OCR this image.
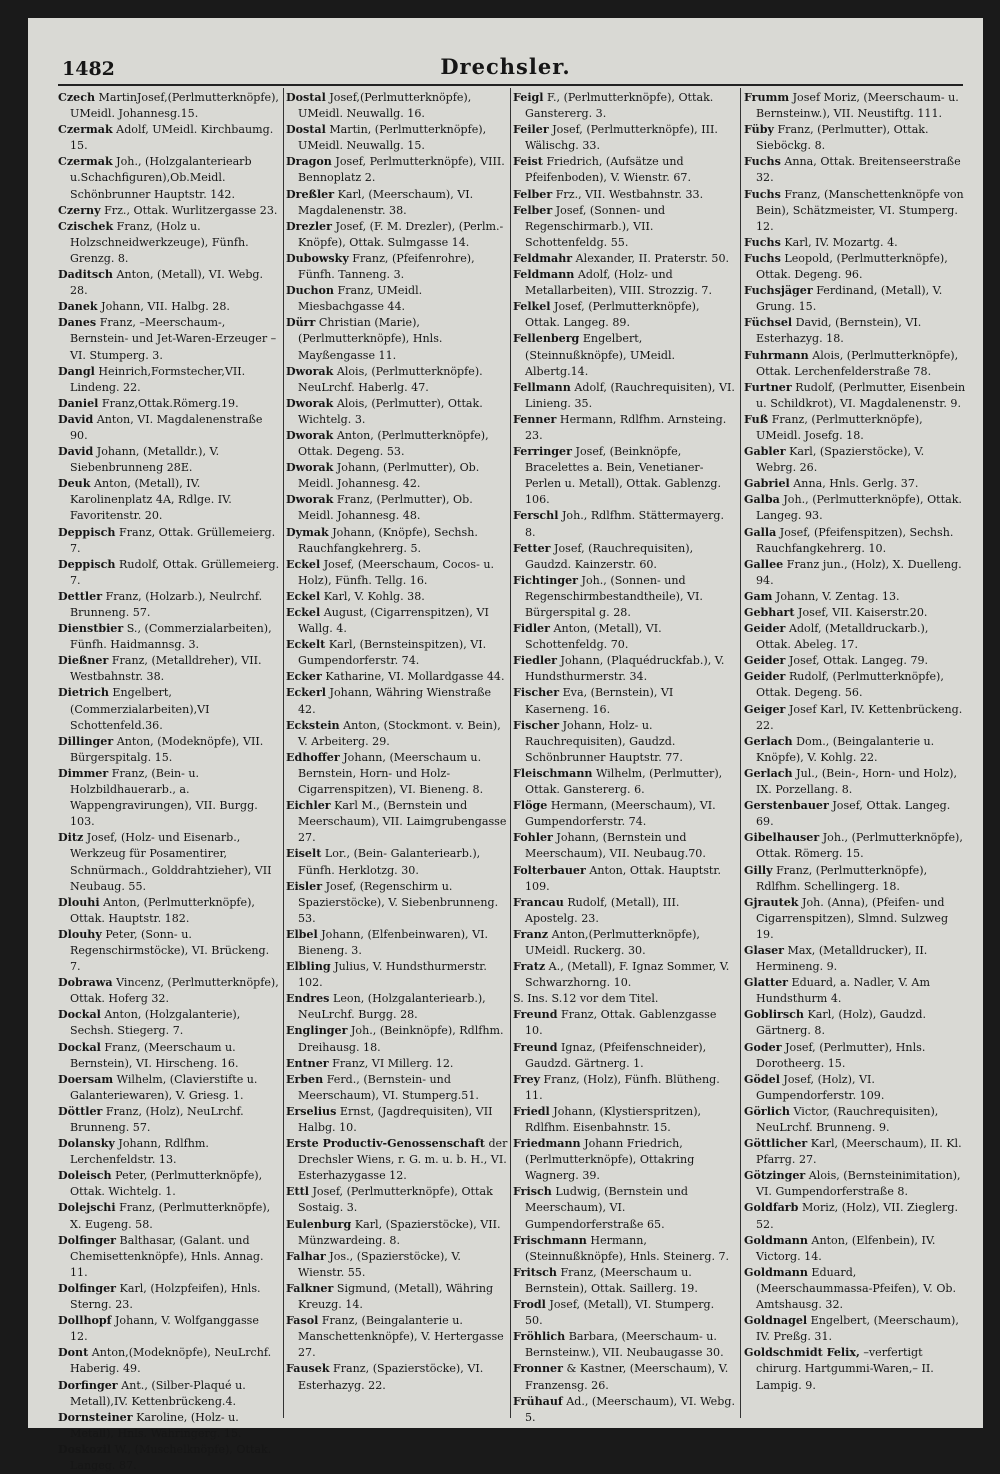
1482	Drechsler.

Czech MartinJosef,(Perlmutterknöpfe), UMeidl. Johannesg.15.

Czermak Adolf, UMeidl. Kirchbaumg. 15.

Czermak Joh., (Holzgalanteriearb u.Schachfiguren),Ob.Meidl. Schönbrunner Hauptstr. 142.

Czerny Frz., Ottak. Wurlitzergasse 23.

Czischek Franz, (Holz u. Holzschneidwerkzeuge), Fünfh. Grenzg. 8.

Daditsch Anton, (Metall), VI. Webg. 28.

Danek Johann, VII. Halbg. 28.

Danes Franz, –Meerschaum-, Bernstein- und Jet-Waren-Erzeuger – VI. Stumperg. 3.

Dangl Heinrich,Formstecher,VII. Lindeng. 22.

Daniel Franz,Ottak.Römerg.19.

David Anton, VI. Magdalenenstraße 90.

David Johann, (Metalldr.), V. Siebenbrunneng 28E.

Deuk Anton, (Metall), IV. Karolinenplatz 4A, Rdlge. IV. Favoritenstr. 20.

Deppisch Franz, Ottak. Grüllemeierg. 7.

Deppisch Rudolf, Ottak. Grüllemeierg. 7.

Dettler Franz, (Holzarb.), Neulrchf. Brunneng. 57.

Dienstbier S., (Commerzialarbeiten), Fünfh. Haidmannsg. 3.

Dießner Franz, (Metalldreher), VII. Westbahnstr. 38.

Dietrich Engelbert,(Commerzialarbeiten),VI Schottenfeld.36.

Dillinger Anton, (Modeknöpfe), VII. Bürgerspitalg. 15.

Dimmer Franz, (Bein- u. Holzbildhauerarb., a. Wappengravirungen), VII. Burgg. 103.

Ditz Josef, (Holz- und Eisenarb., Werkzeug für Posamentirer, Schnürmach., Golddrahtzieher), VII Neubaug. 55.

Dlouhi Anton, (Perlmutterknöpfe), Ottak. Hauptstr. 182.

Dlouhy Peter, (Sonn- u. Regenschirmstöcke), VI. Brückeng. 7.

Dobrawa Vincenz, (Perlmutterknöpfe), Ottak. Hoferg 32.

Dockal Anton, (Holzgalanterie), Sechsh. Stiegerg. 7.

Dockal Franz, (Meerschaum u. Bernstein), VI. Hirscheng. 16.

Doersam Wilhelm, (Clavierstifte u. Galanteriewaren), V. Griesg. 1.

Döttler Franz, (Holz), NeuLrchf. Brunneng. 57.

Dolansky Johann, Rdlfhm. Lerchenfeldstr. 13.

Doleisch Peter, (Perlmutterknöpfe), Ottak. Wichtelg. 1.

Dolejschi Franz, (Perlmutterknöpfe), X. Eugeng. 58.

Dolfinger Balthasar, (Galant. und Chemisettenknöpfe), Hnls. Annag. 11.

Dolfinger Karl, (Holzpfeifen), Hnls. Sterng. 23.

Dollhopf Johann, V. Wolfganggasse 12.

Dont Anton,(Modeknöpfe), NeuLrchf. Haberig. 49.

Dorfinger Ant., (Silber-Plaqué u. Metall),IV. Kettenbrückeng.4.

Dornsteiner Karoline, (Holz- u. Metall), Hnls. Währingerg. 15.

Doskozil W., (Muschelknöpfe), Ottak. Langeg. 87.

Dostal Josef,(Perlmutterknöpfe), UMeidl. Neuwallg. 16.

Dostal Martin, (Perlmutterknöpfe), UMeidl. Neuwallg. 15.

Dragon Josef, Perlmutterknöpfe), VIII. Bennoplatz 2.

Dreßler Karl, (Meerschaum), VI. Magdalenenstr. 38.

Drezler Josef, (F. M. Drezler), (Perlm.-Knöpfe), Ottak. Sulmgasse 14.

Dubowsky Franz, (Pfeifenrohre), Fünfh. Tanneng. 3.

Duchon Franz, UMeidl. Miesbachgasse 44.

Dürr Christian (Marie), (Perlmutterknöpfe), Hnls. Mayßengasse 11.

Dworak Alois, (Perlmutterknöpfe). NeuLrchf. Haberlg. 47.

Dworak Alois, (Perlmutter), Ottak. Wichtelg. 3.

Dworak Anton, (Perlmutterknöpfe), Ottak. Degeng. 53.

Dworak Johann, (Perlmutter), Ob. Meidl. Johannesg. 42.

Dworak Franz, (Perlmutter), Ob. Meidl. Johannesg. 48.

Dymak Johann, (Knöpfe), Sechsh. Rauchfangkehrerg. 5.

Eckel Josef, (Meerschaum, Cocos- u. Holz), Fünfh. Tellg. 16.

Eckel Karl, V. Kohlg. 38.

Eckel August, (Cigarrenspitzen), VI Wallg. 4.

Eckelt Karl, (Bernsteinspitzen), VI. Gumpendorferstr. 74.

Ecker Katharine, VI. Mollardgasse 44.

Eckerl Johann, Währing Wienstraße 42.

Eckstein Anton, (Stockmont. v. Bein), V. Arbeiterg. 29.

Edhoffer Johann, (Meerschaum u. Bernstein, Horn- und Holz-Cigarrenspitzen), VI. Bieneng. 8.

Eichler Karl M., (Bernstein und Meerschaum), VII. Laimgrubengasse 27.

Eiselt Lor., (Bein- Galanteriearb.), Fünfh. Herklotzg. 30.

Eisler Josef, (Regenschirm u. Spazierstöcke), V. Siebenbrunneng. 53.

Elbel Johann, (Elfenbeinwaren), VI. Bieneng. 3.

Elbling Julius, V. Hundsthurmerstr. 102.

Endres Leon, (Holzgalanteriearb.), NeuLrchf. Burgg. 28.

Englinger Joh., (Beinknöpfe), Rdlfhm. Dreihausg. 18.

Entner Franz, VI Millerg. 12.

Erben Ferd., (Bernstein- und Meerschaum), VI. Stumperg.51.

Erselius Ernst, (Jagdrequisiten), VII Halbg. 10.

Erste Productiv-Genossenschaft der Drechsler Wiens, r. G. m. u. b. H., VI. Esterhazygasse 12.

Ettl Josef, (Perlmutterknöpfe), Ottak Sostaig. 3.

Eulenburg Karl, (Spazierstöcke), VII. Münzwardeing. 8.

Falhar Jos., (Spazierstöcke), V. Wienstr. 55.

Falkner Sigmund, (Metall), Währing Kreuzg. 14.

Fasol Franz, (Beingalanterie u. Manschettenknöpfe), V. Hertergasse 27.

Fausek Franz, (Spazierstöcke), VI. Esterhazyg. 22.

Feigl F., (Perlmutterknöpfe), Ottak. Ganstererg. 3.

Feiler Josef, (Perlmutterknöpfe), III. Wälischg. 33.

Feist Friedrich, (Aufsätze und Pfeifenboden), V. Wienstr. 67.

Felber Frz., VII. Westbahnstr. 33.

Felber Josef, (Sonnen- und Regenschirmarb.), VII. Schottenfeldg. 55.

Feldmahr Alexander, II. Praterstr. 50.

Feldmann Adolf, (Holz- und Metallarbeiten), VIII. Strozzig. 7.

Felkel Josef, (Perlmutterknöpfe), Ottak. Langeg. 89.

Fellenberg Engelbert, (Steinnußknöpfe), UMeidl. Albertg.14.

Fellmann Adolf, (Rauchrequisiten), VI. Linieng. 35.

Fenner Hermann, Rdlfhm. Arnsteing. 23.

Ferringer Josef, (Beinknöpfe, Bracelettes a. Bein, Venetianer-Perlen u. Metall), Ottak. Gablenzg. 106.

Ferschl Joh., Rdlfhm. Stättermayerg. 8.

Fetter Josef, (Rauchrequisiten), Gaudzd. Kainzerstr. 60.

Fichtinger Joh., (Sonnen- und Regenschirmbestandtheile), VI. Bürgerspital g. 28.

Fidler Anton, (Metall), VI. Schottenfeldg. 70.

Fiedler Johann, (Plaquédruckfab.), V. Hundsthurmerstr. 34.

Fischer Eva, (Bernstein), VI Kaserneng. 16.

Fischer Johann, Holz- u. Rauchrequisiten), Gaudzd. Schönbrunner Hauptstr. 77.

Fleischmann Wilhelm, (Perlmutter), Ottak. Ganstererg. 6.

Flöge Hermann, (Meerschaum), VI. Gumpendorferstr. 74.

Fohler Johann, (Bernstein und Meerschaum), VII. Neubaug.70.

Folterbauer Anton, Ottak. Hauptstr. 109.

Francau Rudolf, (Metall), III. Apostelg. 23.

Franz Anton,(Perlmutterknöpfe), UMeidl. Ruckerg. 30.

Fratz A., (Metall), F. Ignaz Sommer, V. Schwarzhorng. 10.

S. Ins. S.12 vor dem Titel.

Freund Franz, Ottak. Gablenzgasse 10.

Freund Ignaz, (Pfeifenschneider), Gaudzd. Gärtnerg. 1.

Frey Franz, (Holz), Fünfh. Blütheng. 11.

Friedl Johann, (Klystierspritzen), Rdlfhm. Eisenbahnstr. 15.

Friedmann Johann Friedrich, (Perlmutterknöpfe), Ottakring Wagnerg. 39.

Frisch Ludwig, (Bernstein und Meerschaum), VI. Gumpendorferstraße 65.

Frischmann Hermann, (Steinnußknöpfe), Hnls. Steinerg. 7.

Fritsch Franz, (Meerschaum u. Bernstein), Ottak. Saillerg. 19.

Frodl Josef, (Metall), VI. Stumperg. 50.

Fröhlich Barbara, (Meerschaum- u. Bernsteinw.), VII. Neubaugasse 30.

Fronner & Kastner, (Meerschaum), V. Franzensg. 26.

Frühauf Ad., (Meerschaum), VI. Webg. 5.

Frumm Josef Moriz, (Meerschaum- u. Bernsteinw.), VII. Neustiftg. 111.

Füby Franz, (Perlmutter), Ottak. Sieböckg. 8.

Fuchs Anna, Ottak. Breitenseerstraße 32.

Fuchs Franz, (Manschettenknöpfe von Bein), Schätzmeister, VI. Stumperg. 12.

Fuchs Karl, IV. Mozartg. 4.

Fuchs Leopold, (Perlmutterknöpfe), Ottak. Degeng. 96.

Fuchsjäger Ferdinand, (Metall), V. Grung. 15.

Füchsel David, (Bernstein), VI. Esterhazyg. 18.

Fuhrmann Alois, (Perlmutterknöpfe), Ottak. Lerchenfelderstraße 78.

Furtner Rudolf, (Perlmutter, Eisenbein u. Schildkrot), VI. Magdalenenstr. 9.

Fuß Franz, (Perlmutterknöpfe), UMeidl. Josefg. 18.

Gabler Karl, (Spazierstöcke), V. Webrg. 26.

Gabriel Anna, Hnls. Gerlg. 37.

Galba Joh., (Perlmutterknöpfe), Ottak. Langeg. 93.

Galla Josef, (Pfeifenspitzen), Sechsh. Rauchfangkehrerg. 10.

Gallee Franz jun., (Holz), X. Duelleng. 94.

Gam Johann, V. Zentag. 13.

Gebhart Josef, VII. Kaiserstr.20.

Geider Adolf, (Metalldruckarb.), Ottak. Abeleg. 17.

Geider Josef, Ottak. Langeg. 79.

Geider Rudolf, (Perlmutterknöpfe), Ottak. Degeng. 56.

Geiger Josef Karl, IV. Kettenbrückeng. 22.

Gerlach Dom., (Beingalanterie u. Knöpfe), V. Kohlg. 22.

Gerlach Jul., (Bein-, Horn- und Holz), IX. Porzellang. 8.

Gerstenbauer Josef, Ottak. Langeg. 69.

Gibelhauser Joh., (Perlmutterknöpfe), Ottak. Römerg. 15.

Gilly Franz, (Perlmutterknöpfe), Rdlfhm. Schellingerg. 18.

Gjrautek Joh. (Anna), (Pfeifen- und Cigarrenspitzen), Slmnd. Sulzweg 19.

Glaser Max, (Metalldrucker), II. Hermineng. 9.

Glatter Eduard, a. Nadler, V. Am Hundsthurm 4.

Goblirsch Karl, (Holz), Gaudzd. Gärtnerg. 8.

Goder Josef, (Perlmutter), Hnls. Dorotheerg. 15.

Gödel Josef, (Holz), VI. Gumpendorferstr. 109.

Görlich Victor, (Rauchrequisiten), NeuLrchf. Brunneng. 9.

Göttlicher Karl, (Meerschaum), II. Kl. Pfarrg. 27.

Götzinger Alois, (Bernsteinimitation), VI. Gumpendorferstraße 8.

Goldfarb Moriz, (Holz), VII. Zieglerg. 52.

Goldmann Anton, (Elfenbein), IV. Victorg. 14.

Goldmann Eduard, (Meerschaummassa-Pfeifen), V. Ob. Amtshausg. 32.

Goldnagel Engelbert, (Meerschaum), IV. Preßg. 31.

Goldschmidt Felix, –verfertigt chirurg. Hartgummi-Waren,– II. Lampig. 9.
